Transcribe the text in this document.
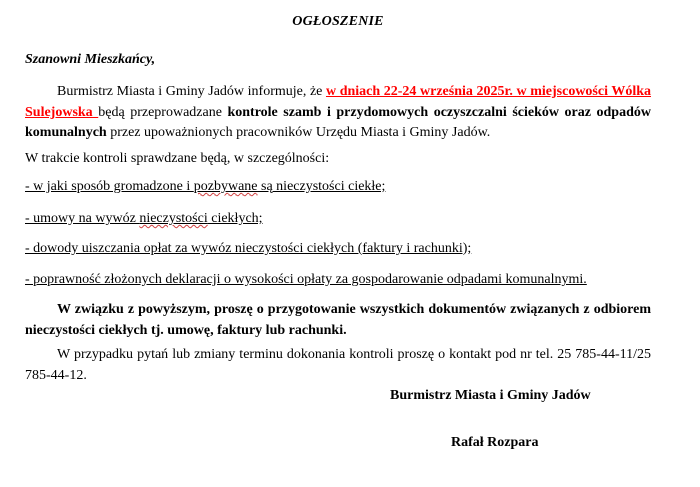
OGŁOSZENIE
Szanowni Mieszkańcy,
Burmistrz Miasta i Gminy Jadów informuje, że w dniach 22-24 września 2025r. w miejscowości Wólka Sulejowska będą przeprowadzane kontrole szamb i przydomowych oczyszczalni ścieków oraz odpadów komunalnych przez upoważnionych pracowników Urzędu Miasta i Gminy Jadów.
W trakcie kontroli sprawdzane będą, w szczególności:
- w jaki sposób gromadzone i pozbywane są nieczystości ciekłe;
- umowy na wywóz nieczystości ciekłych;
- dowody uiszczania opłat za wywóz nieczystości ciekłych (faktury i rachunki);
- poprawność złożonych deklaracji o wysokości opłaty za gospodarowanie odpadami komunalnymi.
W związku z powyższym, proszę o przygotowanie wszystkich dokumentów związanych z odbiorem nieczystości ciekłych tj. umowę, faktury lub rachunki.
W przypadku pytań lub zmiany terminu dokonania kontroli proszę o kontakt pod nr tel. 25 785-44-11/25 785-44-12.
Burmistrz Miasta i Gminy Jadów
Rafał Rozpara
